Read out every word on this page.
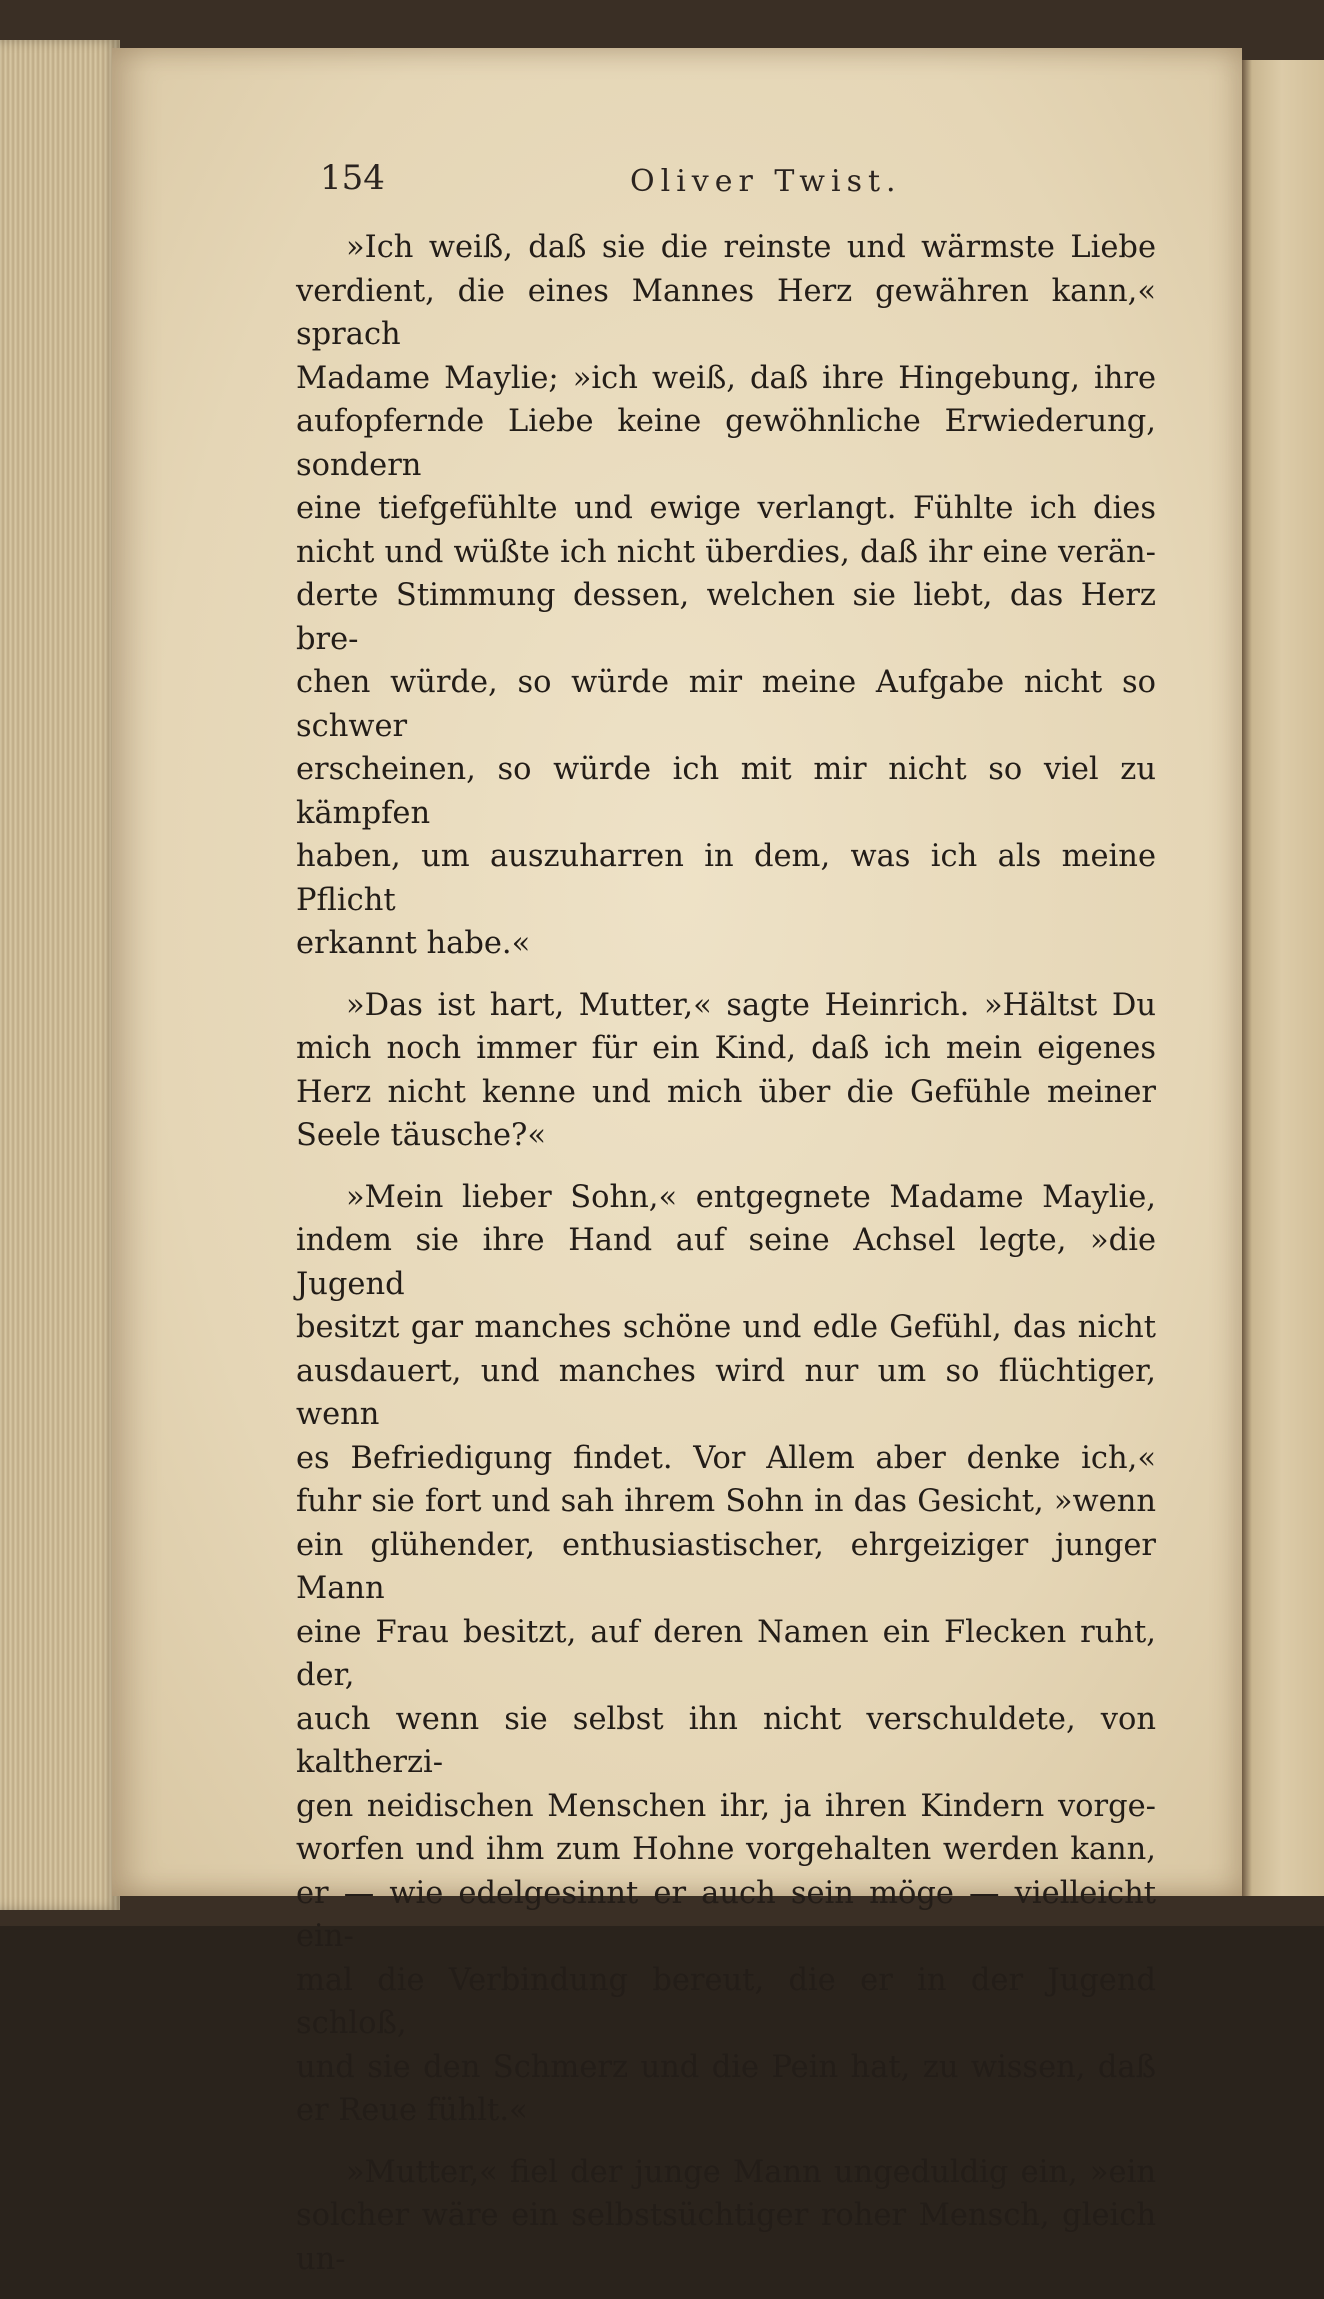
154	Oliver Twist.
»Ich weiß, daß sie die reinste und wärmste Liebe
verdient, die eines Mannes Herz gewähren kann,« sprach
Madame Maylie; »ich weiß, daß ihre Hingebung, ihre
aufopfernde Liebe keine gewöhnliche Erwiederung, sondern
eine tiefgefühlte und ewige verlangt. Fühlte ich dies
nicht und wüßte ich nicht überdies, daß ihr eine verän-
derte Stimmung dessen, welchen sie liebt, das Herz bre-
chen würde, so würde mir meine Aufgabe nicht so schwer
erscheinen, so würde ich mit mir nicht so viel zu kämpfen
haben, um auszuharren in dem, was ich als meine Pflicht
erkannt habe.«
»Das ist hart, Mutter,« sagte Heinrich. »Hältst Du
mich noch immer für ein Kind, daß ich mein eigenes
Herz nicht kenne und mich über die Gefühle meiner
Seele täusche?«
»Mein lieber Sohn,« entgegnete Madame Maylie,
indem sie ihre Hand auf seine Achsel legte, »die Jugend
besitzt gar manches schöne und edle Gefühl, das nicht
ausdauert, und manches wird nur um so flüchtiger, wenn
es Befriedigung findet. Vor Allem aber denke ich,«
fuhr sie fort und sah ihrem Sohn in das Gesicht, »wenn
ein glühender, enthusiastischer, ehrgeiziger junger Mann
eine Frau besitzt, auf deren Namen ein Flecken ruht, der,
auch wenn sie selbst ihn nicht verschuldete, von kaltherzi-
gen neidischen Menschen ihr, ja ihren Kindern vorge-
worfen und ihm zum Hohne vorgehalten werden kann,
er — wie edelgesinnt er auch sein möge — vielleicht ein-
mal die Verbindung bereut, die er in der Jugend schloß,
und sie den Schmerz und die Pein hat, zu wissen, daß
er Reue fühlt.«
»Mutter,« fiel der junge Mann ungeduldig ein, »ein
solcher wäre ein selbstsüchtiger roher Mensch, gleich un-
